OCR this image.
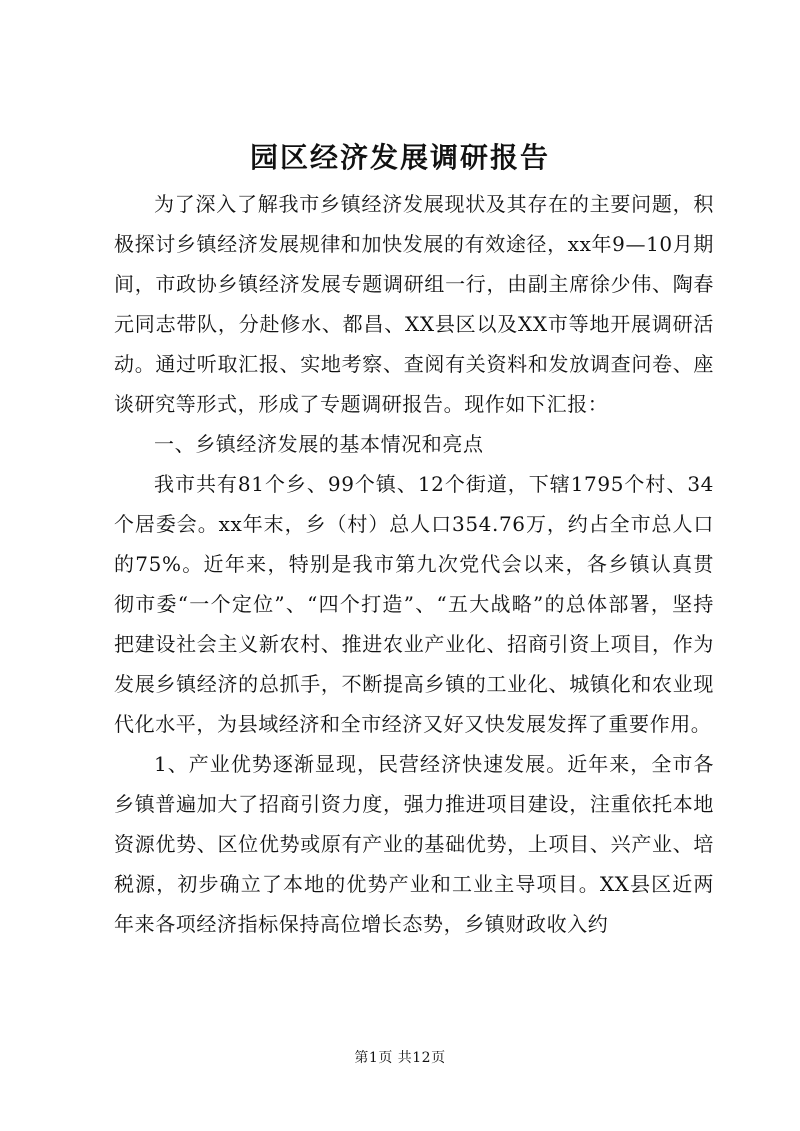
园区经济发展调研报告

为了深入了解我市乡镇经济发展现状及其存在的主要问题，积极探讨乡镇经济发展规律和加快发展的有效途径，xx年9—10月期间，市政协乡镇经济发展专题调研组一行，由副主席徐少伟、陶春元同志带队，分赴修水、都昌、XX县区以及XX市等地开展调研活动。通过听取汇报、实地考察、查阅有关资料和发放调查问卷、座谈研究等形式，形成了专题调研报告。现作如下汇报：

一、乡镇经济发展的基本情况和亮点

我市共有81个乡、99个镇、12个街道，下辖1795个村、34个居委会。xx年末，乡（村）总人口354.76万，约占全市总人口的75%。近年来，特别是我市第九次党代会以来，各乡镇认真贯彻市委“一个定位”、“四个打造”、“五大战略”的总体部署，坚持把建设社会主义新农村、推进农业产业化、招商引资上项目，作为发展乡镇经济的总抓手，不断提高乡镇的工业化、城镇化和农业现代化水平，为县域经济和全市经济又好又快发展发挥了重要作用。

1、产业优势逐渐显现，民营经济快速发展。近年来，全市各乡镇普遍加大了招商引资力度，强力推进项目建设，注重依托本地资源优势、区位优势或原有产业的基础优势，上项目、兴产业、培税源，初步确立了本地的优势产业和工业主导项目。XX县区近两年来各项经济指标保持高位增长态势，乡镇财政收入约

第1页 共12页
